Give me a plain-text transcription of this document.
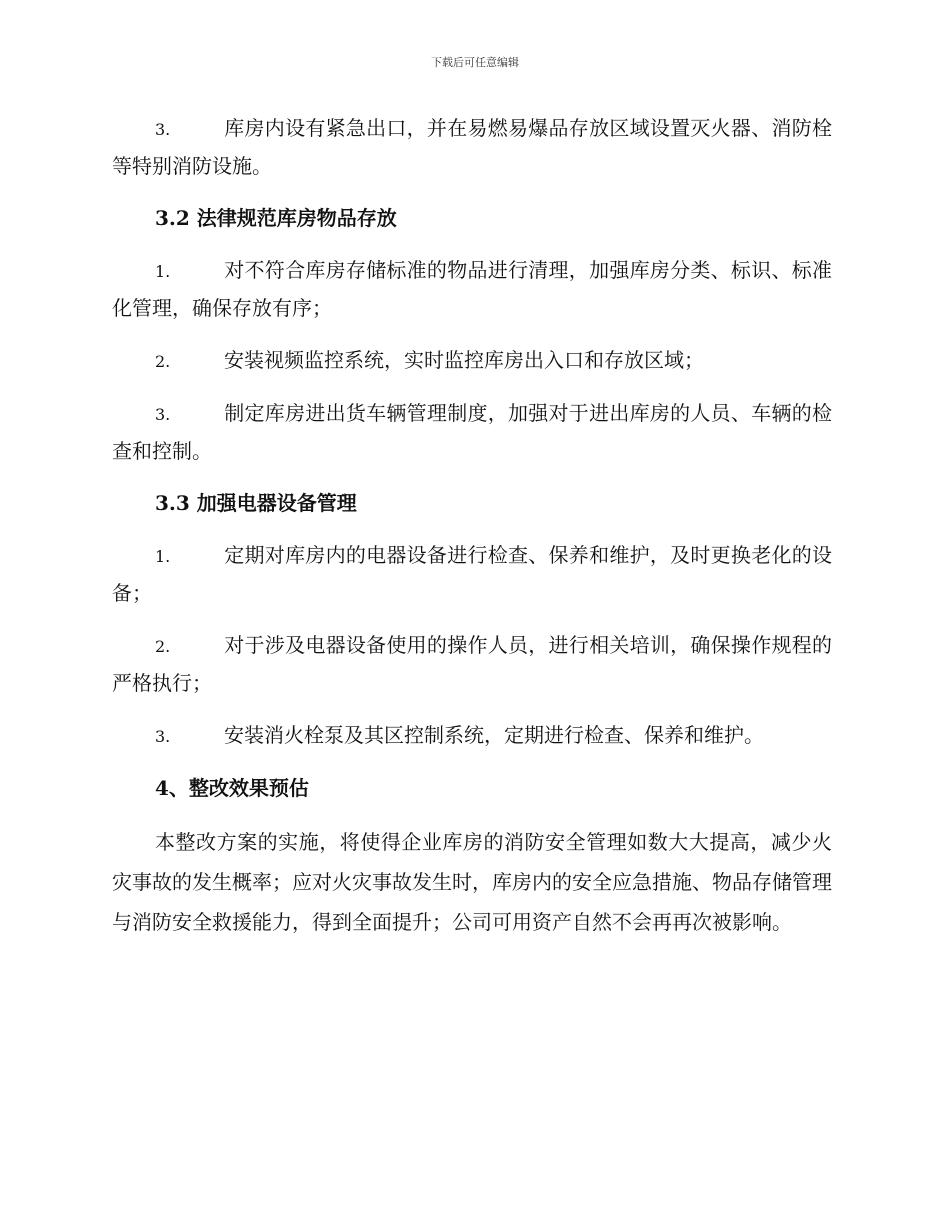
下载后可任意编辑

3.	库房内设有紧急出口，并在易燃易爆品存放区域设置灭火器、消防栓等特别消防设施。

3.2 法律规范库房物品存放

1.	对不符合库房存储标准的物品进行清理，加强库房分类、标识、标准化管理，确保存放有序；

2.	安装视频监控系统，实时监控库房出入口和存放区域；

3.	制定库房进出货车辆管理制度，加强对于进出库房的人员、车辆的检查和控制。

3.3 加强电器设备管理

1.	定期对库房内的电器设备进行检查、保养和维护，及时更换老化的设备；

2.	对于涉及电器设备使用的操作人员，进行相关培训，确保操作规程的严格执行；

3.	安装消火栓泵及其区控制系统，定期进行检查、保养和维护。

4、整改效果预估

本整改方案的实施，将使得企业库房的消防安全管理如数大大提高，减少火灾事故的发生概率；应对火灾事故发生时，库房内的安全应急措施、物品存储管理与消防安全救援能力，得到全面提升；公司可用资产自然不会再再次被影响。
